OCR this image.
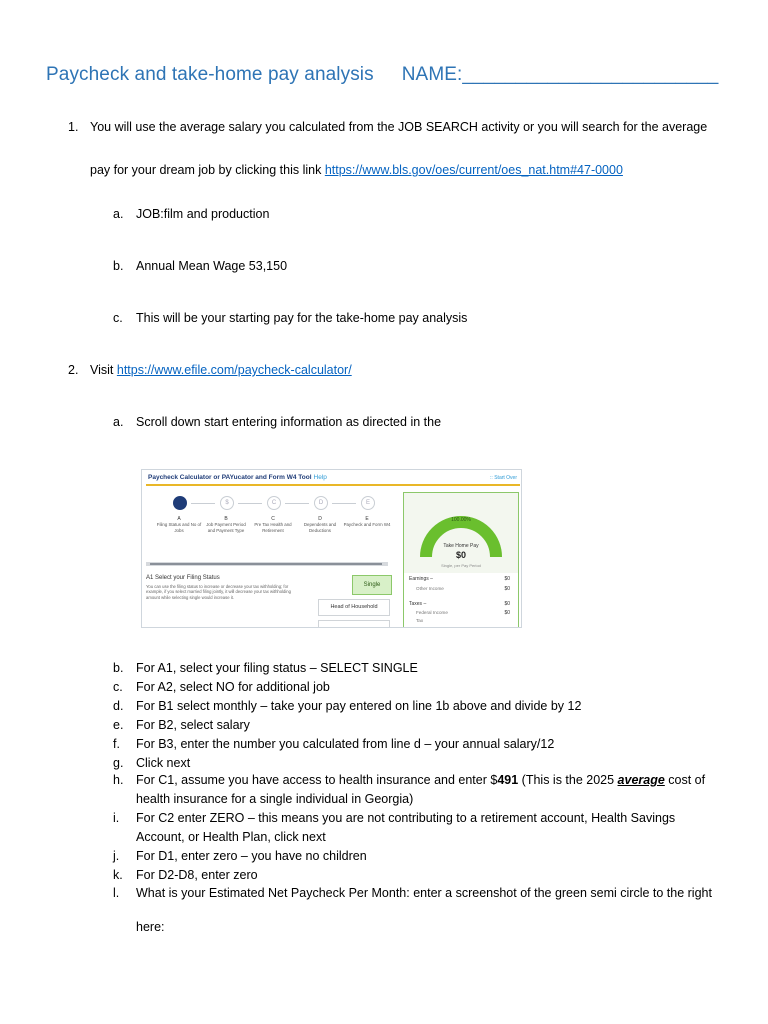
Paycheck and take-home pay analysis NAME:________________________
1. You will use the average salary you calculated from the JOB SEARCH activity or you will search for the average
pay for your dream job by clicking this link https://www.bls.gov/oes/current/oes_nat.htm#47-0000
a. JOB:film and production
b. Annual Mean Wage 53,150
c. This will be your starting pay for the take-home pay analysis
2. Visit https://www.efile.com/paycheck-calculator/
a. Scroll down start entering information as directed in the
Paycheck Calculator or PAYucator and Form W4 Tool Help	:: Start Over
$	C	D	E
A
Filing Status and No of Jobs
B
Job Payment Period and Payment Type
C
Pre Tax Health and Retirement
D
Dependents and Deductions
E
Paycheck and Form W4
A1 Select your Filing Status
You can use the filing status to increase or decrease your tax withholding; for example, if you select married filing jointly, it will decrease your tax withholding amount while selecting single would increase it.
Single
Head of Household
100.00%
Take Home Pay
$0
Single, per Pay Period
Earnings –	$0
Other Income	$0
Taxes –	$0
Federal Income	$0
Tax
b. For A1, select your filing status – SELECT SINGLE
c. For A2, select NO for additional job
d. For B1 select monthly – take your pay entered on line 1b above and divide by 12
e. For B2, select salary
f. For B3, enter the number you calculated from line d – your annual salary/12
g. Click next
h. For C1, assume you have access to health insurance and enter $491 (This is the 2025 average cost of
health insurance for a single individual in Georgia)
i. For C2 enter ZERO – this means you are not contributing to a retirement account, Health Savings
Account, or Health Plan, click next
j. For D1, enter zero – you have no children
k. For D2-D8, enter zero
l. What is your Estimated Net Paycheck Per Month: enter a screenshot of the green semi circle to the right
here:
